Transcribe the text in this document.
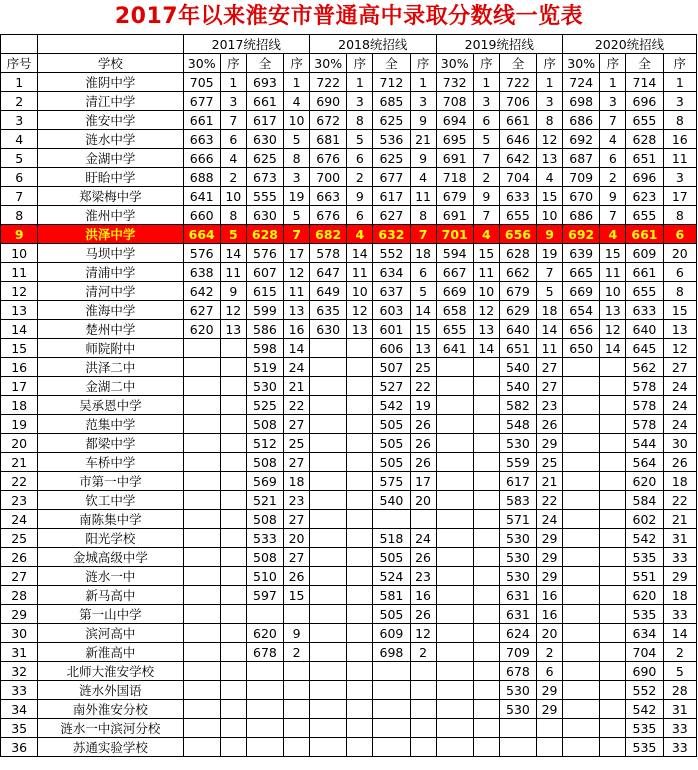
2017年以来淮安市普通高中录取分数线一览表
		2017统招线				2018统招线				2019统招线				2020统招线			
序号	学校	30%	序	全	序	30%	序	全	序	30%	序	全	序	30%	序	全	序
1	淮阴中学	705	1	693	1	722	1	712	1	732	1	722	1	724	1	714	1
2	清江中学	677	3	661	4	690	3	685	3	708	3	706	3	698	3	696	3
3	淮安中学	661	7	617	10	672	8	625	9	694	6	661	8	686	7	655	8
4	涟水中学	663	6	630	5	681	5	536	21	695	5	646	12	692	4	628	16
5	金湖中学	666	4	625	8	676	6	625	9	691	7	642	13	687	6	651	11
6	盱眙中学	688	2	673	3	700	2	677	4	718	2	704	4	709	2	696	3
7	郑梁梅中学	641	10	555	19	663	9	617	11	679	9	633	15	670	9	623	17
8	淮州中学	660	8	630	5	676	6	627	8	691	7	655	10	686	7	655	8
9	洪泽中学	664	5	628	7	682	4	632	7	701	4	656	9	692	4	661	6
10	马坝中学	576	14	576	17	578	14	552	18	594	15	628	19	639	15	609	20
11	清浦中学	638	11	607	12	647	11	634	6	667	11	662	7	665	11	661	6
12	清河中学	642	9	615	11	649	10	637	5	669	10	679	5	669	10	655	8
13	淮海中学	627	12	599	13	635	12	603	14	658	12	629	18	654	13	633	15
14	楚州中学	620	13	586	16	630	13	601	15	655	13	640	14	656	12	640	13
15	师院附中			598	14			606	13	641	14	651	11	650	14	645	12
16	洪泽二中			519	24			507	25			540	27			562	27
17	金湖二中			530	21			527	22			540	27			578	24
18	吴承恩中学			525	22			542	19			582	23			578	24
19	范集中学			508	27			505	26			548	26			578	24
20	都梁中学			512	25			505	26			530	29			544	30
21	车桥中学			508	27			505	26			559	25			564	26
22	市第一中学			569	18			575	17			617	21			620	18
23	钦工中学			521	23			540	20			583	22			584	22
24	南陈集中学			508	27							571	24			602	21
25	阳光学校			533	20			518	24			530	29			542	31
26	金城高级中学			508	27			505	26			530	29			535	33
27	涟水一中			510	26			524	23			530	29			551	29
28	新马高中			597	15			581	16			631	16			620	18
29	第一山中学							505	26			631	16			535	33
30	滨河高中			620	9			609	12			624	20			634	14
31	新淮高中			678	2			698	2			709	2			704	2
32	北师大淮安学校											678	6			690	5
33	涟水外国语											530	29			552	28
34	南外淮安分校											530	29			542	31
35	涟水一中滨河分校															535	33
36	苏通实验学校															535	33
